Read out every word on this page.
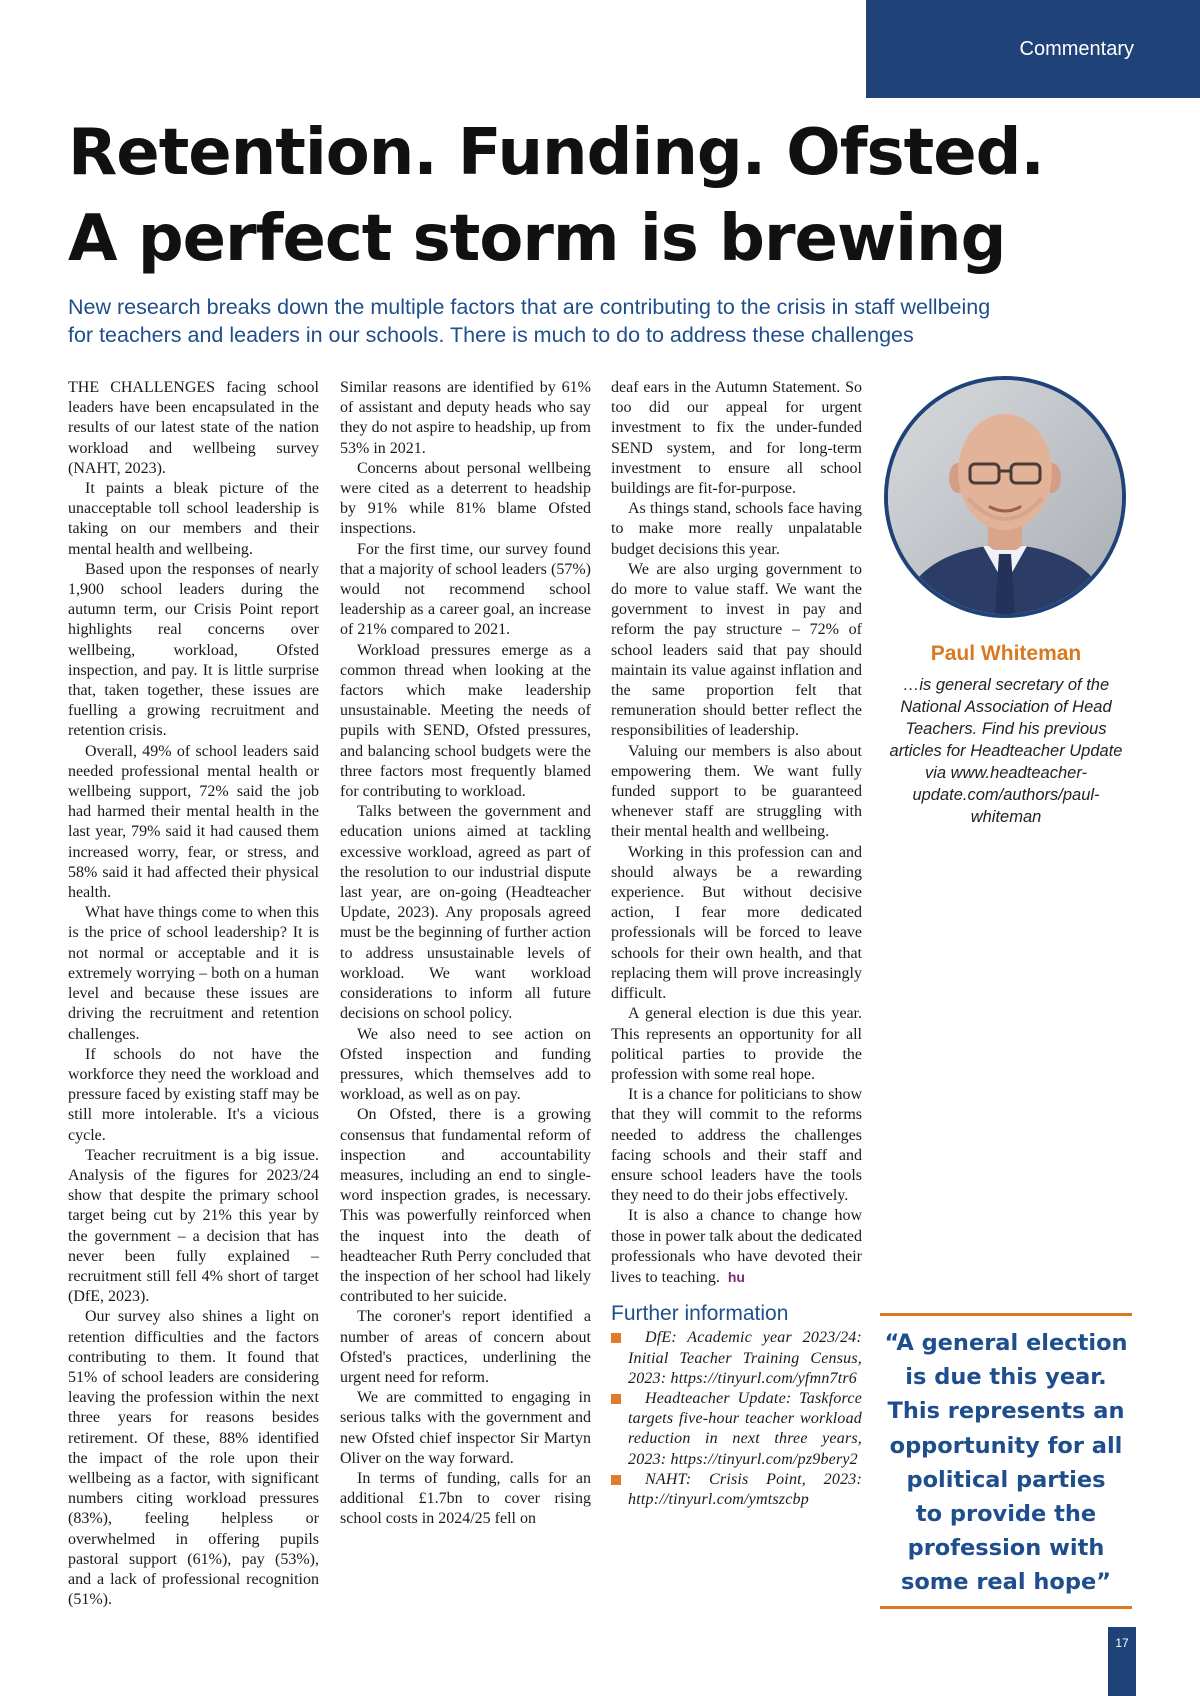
Commentary
Retention. Funding. Ofsted.
A perfect storm is brewing
New research breaks down the multiple factors that are contributing to the crisis in staff wellbeing
for teachers and leaders in our schools. There is much to do to address these challenges

THE CHALLENGES facing school leaders have been encapsulated in the results of our latest state of the nation workload and wellbeing survey (NAHT, 2023).

It paints a bleak picture of the unacceptable toll school leadership is taking on our members and their mental health and wellbeing.

Based upon the responses of nearly 1,900 school leaders during the autumn term, our Crisis Point report highlights real concerns over wellbeing, workload, Ofsted inspection, and pay. It is little surprise that, taken together, these issues are fuelling a growing recruitment and retention crisis.

Overall, 49% of school leaders said needed professional mental health or wellbeing support, 72% said the job had harmed their mental health in the last year, 79% said it had caused them increased worry, fear, or stress, and 58% said it had affected their physical health.

What have things come to when this is the price of school leadership? It is not normal or acceptable and it is extremely worrying – both on a human level and because these issues are driving the recruitment and retention challenges.

If schools do not have the workforce they need the workload and pressure faced by existing staff may be still more intolerable. It's a vicious cycle.

Teacher recruitment is a big issue. Analysis of the figures for 2023/24 show that despite the primary school target being cut by 21% this year by the government – a decision that has never been fully explained – recruitment still fell 4% short of target (DfE, 2023).

Our survey also shines a light on retention difficulties and the factors contributing to them. It found that 51% of school leaders are considering leaving the profession within the next three years for reasons besides retirement. Of these, 88% identified the impact of the role upon their wellbeing as a factor, with significant numbers citing workload pressures (83%), feeling helpless or overwhelmed in offering pupils pastoral support (61%), pay (53%), and a lack of professional recognition (51%).

Similar reasons are identified by 61% of assistant and deputy heads who say they do not aspire to headship, up from 53% in 2021.

Concerns about personal wellbeing were cited as a deterrent to headship by 91% while 81% blame Ofsted inspections.

For the first time, our survey found that a majority of school leaders (57%) would not recommend school leadership as a career goal, an increase of 21% compared to 2021.

Workload pressures emerge as a common thread when looking at the factors which make leadership unsustainable. Meeting the needs of pupils with SEND, Ofsted pressures, and balancing school budgets were the three factors most frequently blamed for contributing to workload.

Talks between the government and education unions aimed at tackling excessive workload, agreed as part of the resolution to our industrial dispute last year, are on-going (Headteacher Update, 2023). Any proposals agreed must be the beginning of further action to address unsustainable levels of workload. We want workload considerations to inform all future decisions on school policy.

We also need to see action on Ofsted inspection and funding pressures, which themselves add to workload, as well as on pay.

On Ofsted, there is a growing consensus that fundamental reform of inspection and accountability measures, including an end to single-word inspection grades, is necessary. This was powerfully reinforced when the inquest into the death of headteacher Ruth Perry concluded that the inspection of her school had likely contributed to her suicide.

The coroner's report identified a number of areas of concern about Ofsted's practices, underlining the urgent need for reform.

We are committed to engaging in serious talks with the government and new Ofsted chief inspector Sir Martyn Oliver on the way forward.

In terms of funding, calls for an additional £1.7bn to cover rising school costs in 2024/25 fell on

deaf ears in the Autumn Statement. So too did our appeal for urgent investment to fix the under-funded SEND system, and for long-term investment to ensure all school buildings are fit-for-purpose.

As things stand, schools face having to make more really unpalatable budget decisions this year.

We are also urging government to do more to value staff. We want the government to invest in pay and reform the pay structure – 72% of school leaders said that pay should maintain its value against inflation and the same proportion felt that remuneration should better reflect the responsibilities of leadership.

Valuing our members is also about empowering them. We want fully funded support to be guaranteed whenever staff are struggling with their mental health and wellbeing.

Working in this profession can and should always be a rewarding experience. But without decisive action, I fear more dedicated professionals will be forced to leave schools for their own health, and that replacing them will prove increasingly difficult.

A general election is due this year. This represents an opportunity for all political parties to provide the profession with some real hope.

It is a chance for politicians to show that they will commit to the reforms needed to address the challenges facing schools and their staff and ensure school leaders have the tools they need to do their jobs effectively.

It is also a chance to change how those in power talk about the dedicated professionals who have devoted their lives to teaching. hu

Further information

DfE: Academic year 2023/24: Initial Teacher Training Census, 2023: https://tinyurl.com/yfmn7tr6

Headteacher Update: Taskforce targets five-hour teacher workload reduction in next three years, 2023: https://tinyurl.com/pz9bery2

NAHT: Crisis Point, 2023: http://tinyurl.com/ymtszcbp

Paul Whiteman
…is general secretary of the National Association of Head Teachers. Find his previous articles for Headteacher Update via www.headteacher-update.com/authors/paul-whiteman
“A general election
is due this year.
This represents an
opportunity for all
political parties
to provide the
profession with
some real hope”
17
